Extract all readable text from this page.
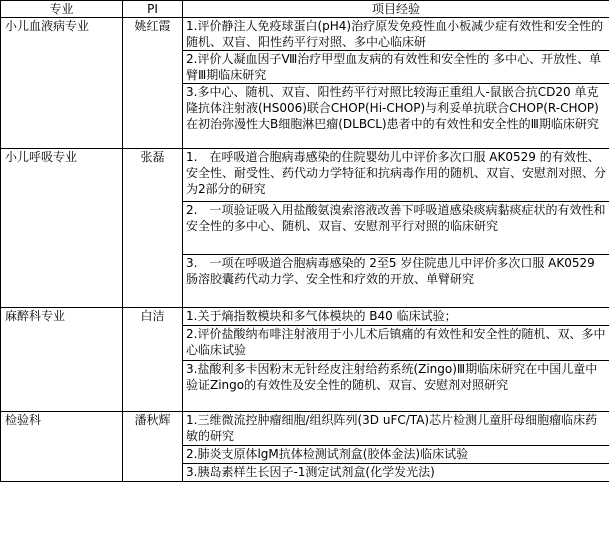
专业	PI	项目经验
小儿血液病专业	姚红霞	1.评价静注人免疫球蛋白(pH4)治疗原发免疫性血小板减少症有效性和安全性的随机、双盲、阳性药平行对照、多中心临床研
		2.评价人凝血因子Ⅷ治疗甲型血友病的有效性和安全性的 多中心、开放性、单臂Ⅲ期临床研究
		3.多中心、随机、双盲、阳性药平行对照比较海正重组人-鼠嵌合抗CD20 单克隆抗体注射液(HS006)联合CHOP(Hi-CHOP)与利妥单抗联合CHOP(R-CHOP)在初治弥漫性大B细胞淋巴瘤(DLBCL)患者中的有效性和安全性的Ⅲ期临床研究
小儿呼吸专业	张磊	1.　在呼吸道合胞病毒感染的住院婴幼儿中评价多次口服 AK0529 的有效性、安全性、耐受性、药代动力学特征和抗病毒作用的随机、双盲、安慰剂对照、分为2部分的研究
		2.　一项验证吸入用盐酸氨溴索溶液改善下呼吸道感染痰病黏痰症状的有效性和安全性的多中心、随机、双盲、安慰剂平行对照的临床研究
		3.　一项在呼吸道合胞病毒感染的 2至5 岁住院患儿中评价多次口服 AK0529 肠溶胶囊药代动力学、安全性和疗效的开放、单臂研究
麻醉科专业	白洁	1.关于熵指数模块和多气体模块的 B40 临床试验；
		2.评价盐酸纳布啡注射液用于小儿术后镇痛的有效性和安全性的随机、双、多中心临床试验
		3.盐酸利多卡因粉末无针经皮注射给药系统(Zingo)Ⅲ期临床研究在中国儿童中验证Zingo的有效性及安全性的随机、双盲、安慰剂对照研究
检验科	潘秋辉	1.三维微流控肿瘤细胞/组织阵列(3D uFC/TA)芯片检测儿童肝母细胞瘤临床药敏的研究
		2.肺炎支原体lgM抗体检测试剂盒(胶体金法)临床试验
		3.胰岛素样生长因子-1测定试剂盒(化学发光法)
